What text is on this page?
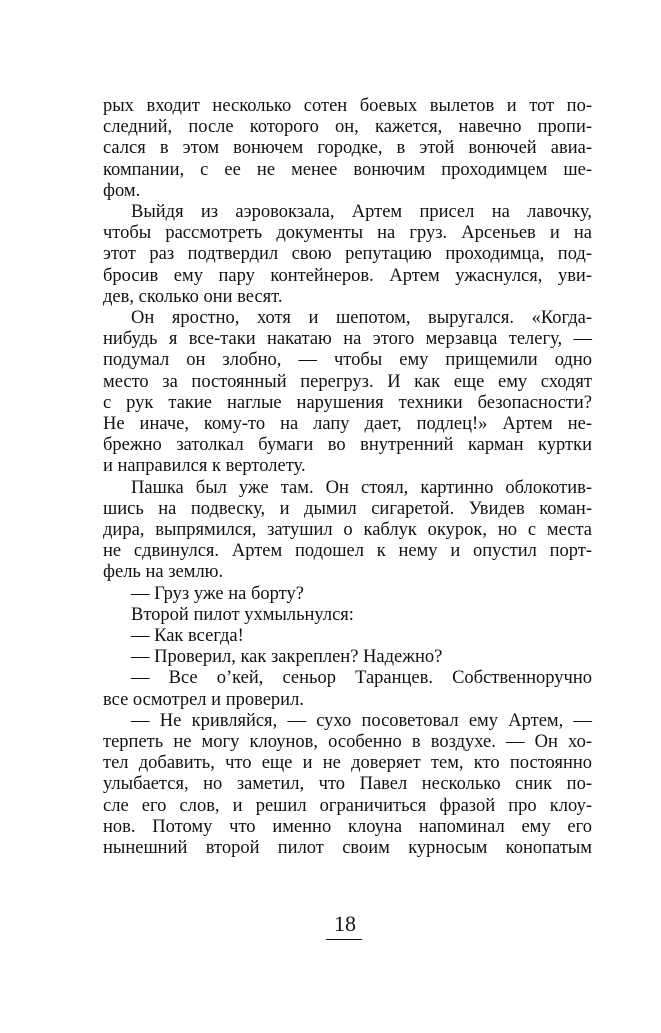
рых входит несколько сотен боевых вылетов и тот по-
следний, после которого он, кажется, навечно пропи-
сался в этом вонючем городке, в этой вонючей авиа-
компании, с ее не менее вонючим проходимцем ше-
фом.
Выйдя из аэровокзала, Артем присел на лавочку,
чтобы рассмотреть документы на груз. Арсеньев и на
этот раз подтвердил свою репутацию проходимца, под-
бросив ему пару контейнеров. Артем ужаснулся, уви-
дев, сколько они весят.
Он яростно, хотя и шепотом, выругался. «Когда-
нибудь я все-таки накатаю на этого мерзавца телегу, —
подумал он злобно, — чтобы ему прищемили одно
место за постоянный перегруз. И как еще ему сходят
с рук такие наглые нарушения техники безопасности?
Не иначе, кому-то на лапу дает, подлец!» Артем не-
брежно затолкал бумаги во внутренний карман куртки
и направился к вертолету.
Пашка был уже там. Он стоял, картинно облокотив-
шись на подвеску, и дымил сигаретой. Увидев коман-
дира, выпрямился, затушил о каблук окурок, но с места
не сдвинулся. Артем подошел к нему и опустил порт-
фель на землю.
— Груз уже на борту?
Второй пилот ухмыльнулся:
— Как всегда!
— Проверил, как закреплен? Надежно?
— Все о’кей, сеньор Таранцев. Собственноручно
все осмотрел и проверил.
— Не кривляйся, — сухо посоветовал ему Артем, —
терпеть не могу клоунов, особенно в воздухе. — Он хо-
тел добавить, что еще и не доверяет тем, кто постоянно
улыбается, но заметил, что Павел несколько сник по-
сле его слов, и решил ограничиться фразой про клоу-
нов. Потому что именно клоуна напоминал ему его
нынешний второй пилот своим курносым конопатым
18
